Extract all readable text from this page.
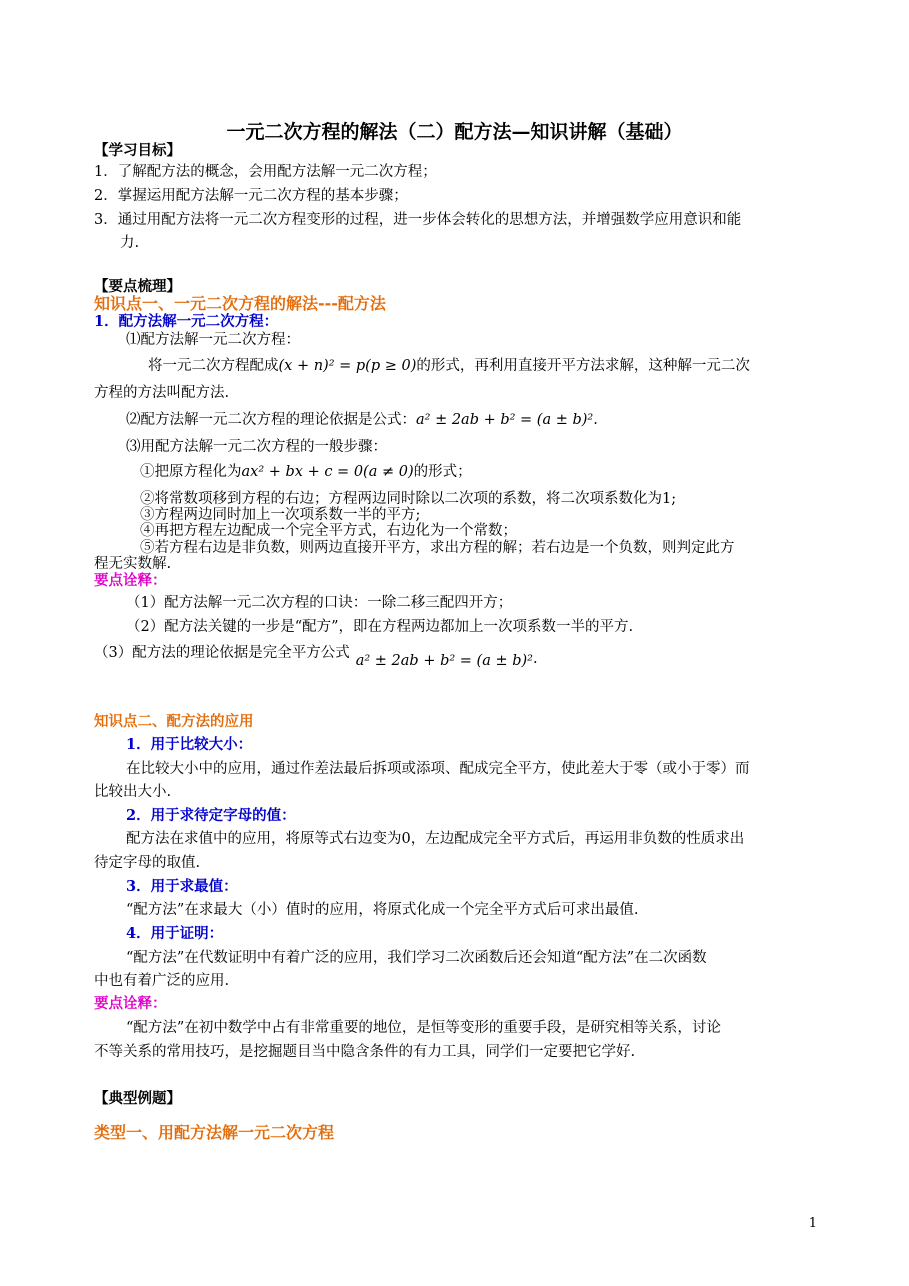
一元二次方程的解法（二）配方法—知识讲解（基础）
【学习目标】
1．了解配方法的概念，会用配方法解一元二次方程；
2．掌握运用配方法解一元二次方程的基本步骤；
3．通过用配方法将一元二次方程变形的过程，进一步体会转化的思想方法，并增强数学应用意识和能
力.
【要点梳理】
知识点一、一元二次方程的解法---配方法
1．配方法解一元二次方程：
⑴配方法解一元二次方程：
将一元二次方程配成(x + n)² = p(p ≥ 0)的形式，再利用直接开平方法求解，这种解一元二次
方程的方法叫配方法.
⑵配方法解一元二次方程的理论依据是公式：a² ± 2ab + b² = (a ± b)².
⑶用配方法解一元二次方程的一般步骤：
①把原方程化为ax² + bx + c = 0(a ≠ 0)的形式；
②将常数项移到方程的右边；方程两边同时除以二次项的系数，将二次项系数化为1;
③方程两边同时加上一次项系数一半的平方;
④再把方程左边配成一个完全平方式，右边化为一个常数；
⑤若方程右边是非负数，则两边直接开平方，求出方程的解；若右边是一个负数，则判定此方
程无实数解.
要点诠释：
（1）配方法解一元二次方程的口诀：一除二移三配四开方；
（2）配方法关键的一步是“配方”，即在方程两边都加上一次项系数一半的平方.
（3）配方法的理论依据是完全平方公式 a² ± 2ab + b² = (a ± b)².
知识点二、配方法的应用
1．用于比较大小：
在比较大小中的应用，通过作差法最后拆项或添项、配成完全平方，使此差大于零（或小于零）而
比较出大小.
2．用于求待定字母的值：
配方法在求值中的应用，将原等式右边变为0，左边配成完全平方式后，再运用非负数的性质求出
待定字母的取值.
3．用于求最值：
“配方法”在求最大（小）值时的应用，将原式化成一个完全平方式后可求出最值.
4．用于证明：
“配方法”在代数证明中有着广泛的应用，我们学习二次函数后还会知道“配方法”在二次函数
中也有着广泛的应用.
要点诠释：
“配方法”在初中数学中占有非常重要的地位，是恒等变形的重要手段，是研究相等关系，讨论
不等关系的常用技巧，是挖掘题目当中隐含条件的有力工具，同学们一定要把它学好.
【典型例题】
类型一、用配方法解一元二次方程
1
